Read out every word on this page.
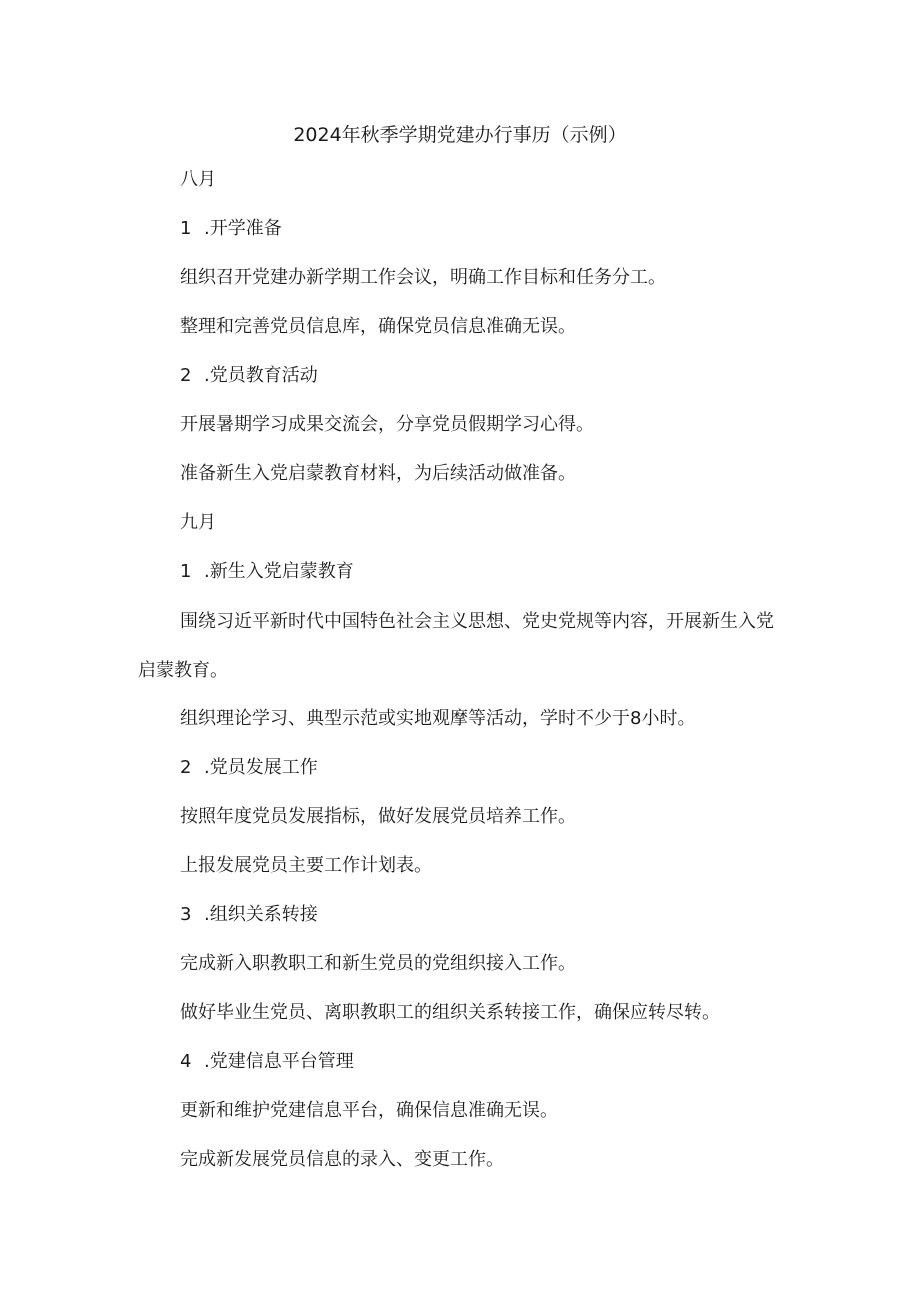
2024年秋季学期党建办行事历（示例）
八月
1 .开学准备
组织召开党建办新学期工作会议，明确工作目标和任务分工。
整理和完善党员信息库，确保党员信息准确无误。
2 .党员教育活动
开展暑期学习成果交流会，分享党员假期学习心得。
准备新生入党启蒙教育材料，为后续活动做准备。
九月
1 .新生入党启蒙教育
围绕习近平新时代中国特色社会主义思想、党史党规等内容，开展新生入党启蒙教育。
组织理论学习、典型示范或实地观摩等活动，学时不少于8小时。
2 .党员发展工作
按照年度党员发展指标，做好发展党员培养工作。
上报发展党员主要工作计划表。
3 .组织关系转接
完成新入职教职工和新生党员的党组织接入工作。
做好毕业生党员、离职教职工的组织关系转接工作，确保应转尽转。
4 .党建信息平台管理
更新和维护党建信息平台，确保信息准确无误。
完成新发展党员信息的录入、变更工作。
